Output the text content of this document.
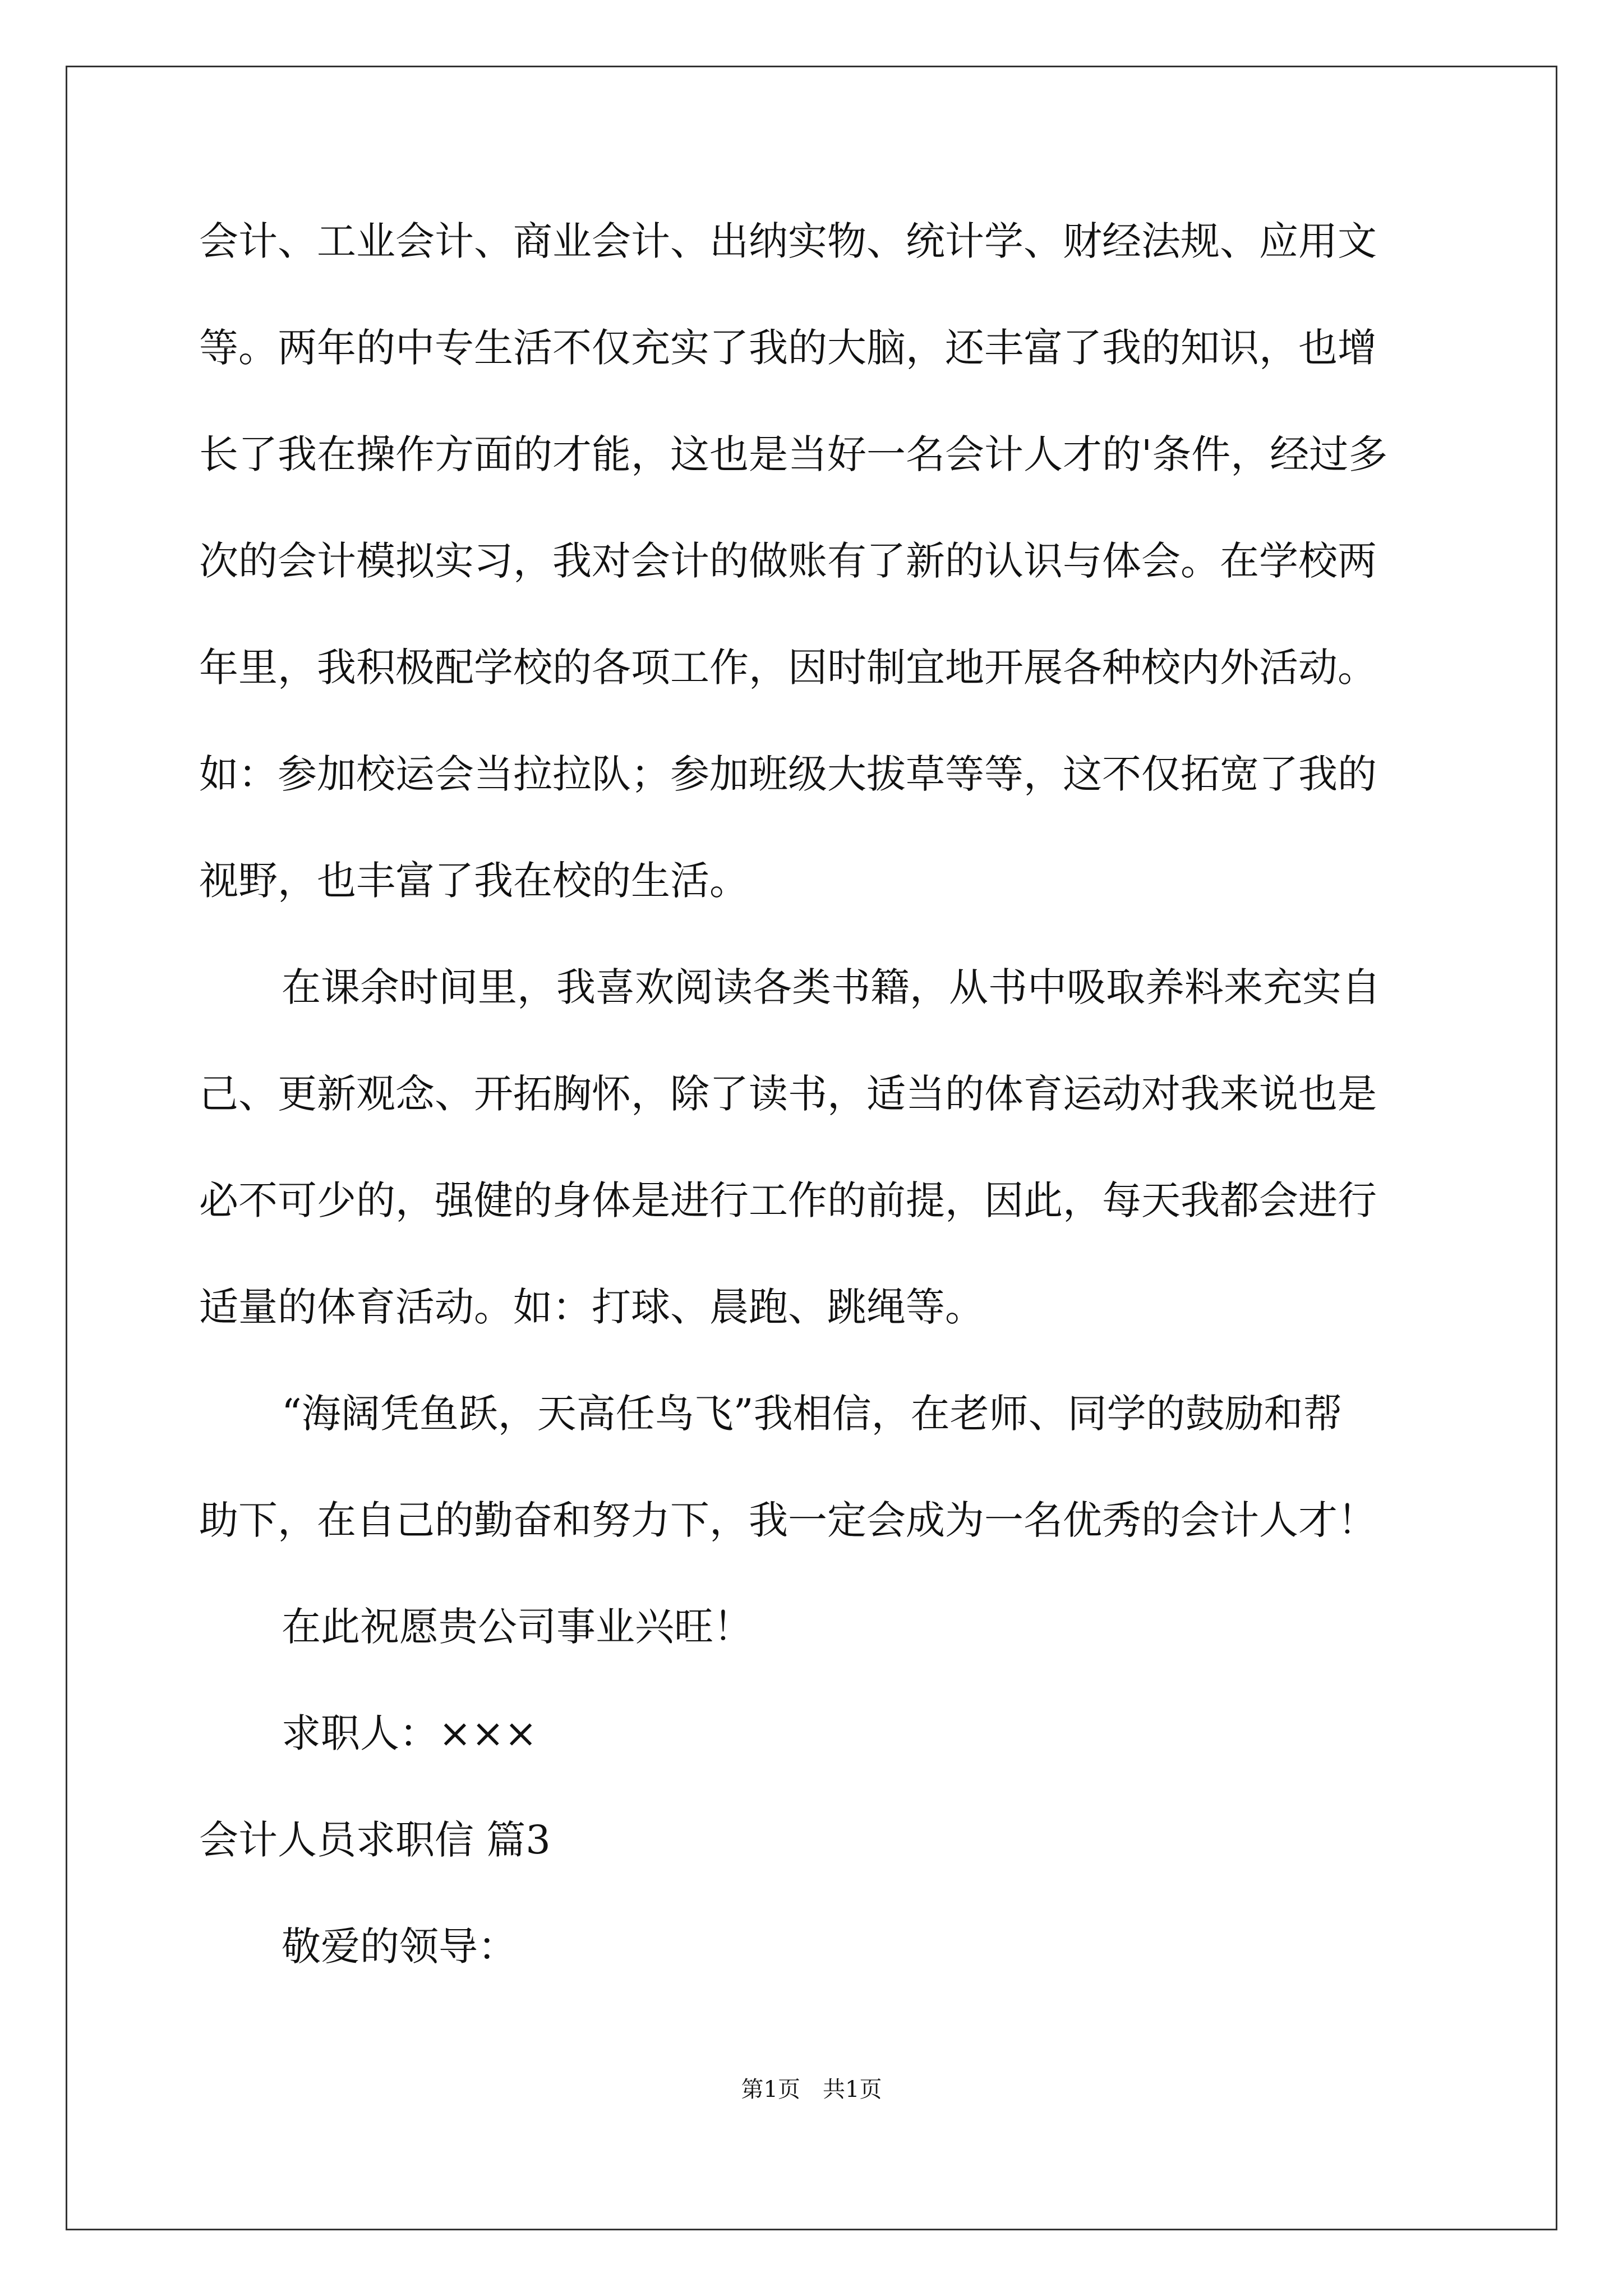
会计、工业会计、商业会计、出纳实物、统计学、财经法规、应用文
等。两年的中专生活不仅充实了我的大脑，还丰富了我的知识，也增
长了我在操作方面的才能，这也是当好一名会计人才的'条件，经过多
次的会计模拟实习，我对会计的做账有了新的认识与体会。在学校两
年里，我积极配学校的各项工作，因时制宜地开展各种校内外活动。
如：参加校运会当拉拉队；参加班级大拔草等等，这不仅拓宽了我的
视野，也丰富了我在校的生活。
在课余时间里，我喜欢阅读各类书籍，从书中吸取养料来充实自
己、更新观念、开拓胸怀，除了读书，适当的体育运动对我来说也是
必不可少的，强健的身体是进行工作的前提，因此，每天我都会进行
适量的体育活动。如：打球、晨跑、跳绳等。
“海阔凭鱼跃，天高任鸟飞”我相信，在老师、同学的鼓励和帮
助下，在自己的勤奋和努力下，我一定会成为一名优秀的会计人才！
在此祝愿贵公司事业兴旺！
求职人：×××
会计人员求职信 篇3
敬爱的领导：
第1页　共1页
